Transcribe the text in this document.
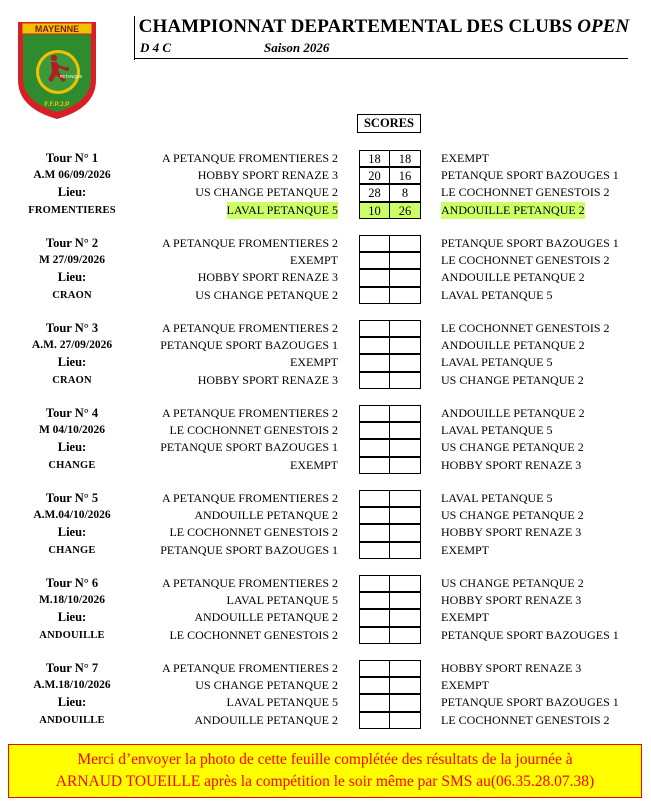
MAYENNE
PETANQUE
F.F.P.J.P
CHAMPIONNAT DEPARTEMENTAL DES CLUBS OPEN
D 4 C	Saison 2026
SCORES
Tour N° 1
A.M 06/09/2026
Lieu:
FROMENTIERES
A PETANQUE FROMENTIERES 2	18	18	EXEMPT
HOBBY SPORT RENAZE 3	20	16	PETANQUE SPORT BAZOUGES 1
US CHANGE PETANQUE 2	28	8	LE COCHONNET GENESTOIS 2
LAVAL PETANQUE 5	10	26	ANDOUILLE PETANQUE 2
Tour N° 2
M 27/09/2026
Lieu:
CRAON
A PETANQUE FROMENTIERES 2	PETANQUE SPORT BAZOUGES 1
EXEMPT	LE COCHONNET GENESTOIS 2
HOBBY SPORT RENAZE 3	ANDOUILLE PETANQUE 2
US CHANGE PETANQUE 2	LAVAL PETANQUE 5
Tour N° 3
A.M. 27/09/2026
Lieu:
CRAON
A PETANQUE FROMENTIERES 2	LE COCHONNET GENESTOIS 2
PETANQUE SPORT BAZOUGES 1	ANDOUILLE PETANQUE 2
EXEMPT	LAVAL PETANQUE 5
HOBBY SPORT RENAZE 3	US CHANGE PETANQUE 2
Tour N° 4
M 04/10/2026
Lieu:
CHANGE
A PETANQUE FROMENTIERES 2	ANDOUILLE PETANQUE 2
LE COCHONNET GENESTOIS 2	LAVAL PETANQUE 5
PETANQUE SPORT BAZOUGES 1	US CHANGE PETANQUE 2
EXEMPT	HOBBY SPORT RENAZE 3
Tour N° 5
A.M.04/10/2026
Lieu:
CHANGE
A PETANQUE FROMENTIERES 2	LAVAL PETANQUE 5
ANDOUILLE PETANQUE 2	US CHANGE PETANQUE 2
LE COCHONNET GENESTOIS 2	HOBBY SPORT RENAZE 3
PETANQUE SPORT BAZOUGES 1	EXEMPT
Tour N° 6
M.18/10/2026
Lieu:
ANDOUILLE
A PETANQUE FROMENTIERES 2	US CHANGE PETANQUE 2
LAVAL PETANQUE 5	HOBBY SPORT RENAZE 3
ANDOUILLE PETANQUE 2	EXEMPT
LE COCHONNET GENESTOIS 2	PETANQUE SPORT BAZOUGES 1
Tour N° 7
A.M.18/10/2026
Lieu:
ANDOUILLE
A PETANQUE FROMENTIERES 2	HOBBY SPORT RENAZE 3
US CHANGE PETANQUE 2	EXEMPT
LAVAL PETANQUE 5	PETANQUE SPORT BAZOUGES 1
ANDOUILLE PETANQUE 2	LE COCHONNET GENESTOIS 2
Merci d’envoyer la photo de cette feuille complétée des résultats de la journée à
ARNAUD TOUEILLE après la compétition le soir même par SMS au(06.35.28.07.38)
